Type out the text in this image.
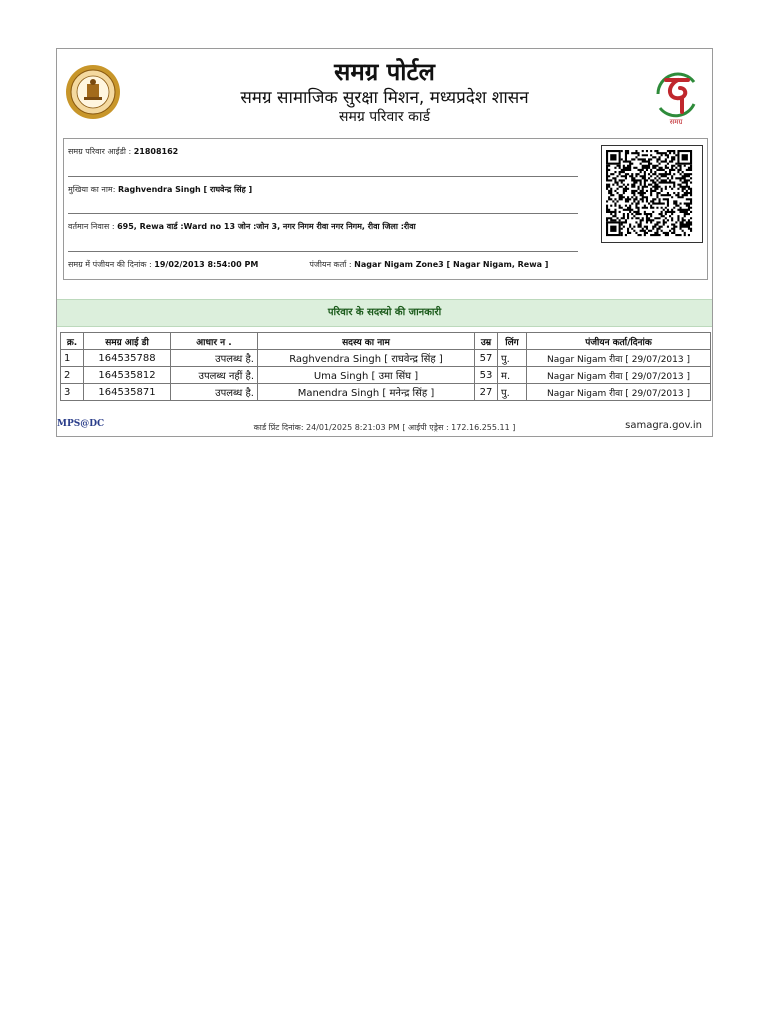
समग्र पोर्टल
समग्र सामाजिक सुरक्षा मिशन, मध्यप्रदेश शासन
समग्र परिवार कार्ड	समग्र
समग्र परिवार आईडी : 21808162
मुखिया का नाम: Raghvendra Singh [ राघवेन्द्र सिंह ]
वर्तमान निवास : 695, Rewa वार्ड :Ward no 13 जोन :जोन 3, नगर निगम रीवा नगर निगम, रीवा जिला :रीवा
समग्र में पंजीयन की दिनांक : 19/02/2013 8:54:00 PM	पंजीयन कर्ता : Nagar Nigam Zone3 [ Nagar Nigam, Rewa ]
परिवार के सदस्यो की जानकारी
क्र.	समग्र आई डी	आधार न .	सदस्य का नाम	उम्र	लिंग	पंजीयन कर्ता/दिनांक
1	164535788	उपलब्ध है.	Raghvendra Singh [ राघवेन्द्र सिंह ]	57	पु.	Nagar Nigam रीवा [ 29/07/2013 ]
2	164535812	उपलब्ध नहीं है.	Uma Singh [ उमा सिंघ ]	53	म.	Nagar Nigam रीवा [ 29/07/2013 ]
3	164535871	उपलब्ध है.	Manendra Singh [ मनेन्द्र सिंह ]	27	पु.	Nagar Nigam रीवा [ 29/07/2013 ]
MPS@DC	कार्ड प्रिंट दिनांक: 24/01/2025 8:21:03 PM [ आईपी एड्रेस : 172.16.255.11 ]	samagra.gov.in
